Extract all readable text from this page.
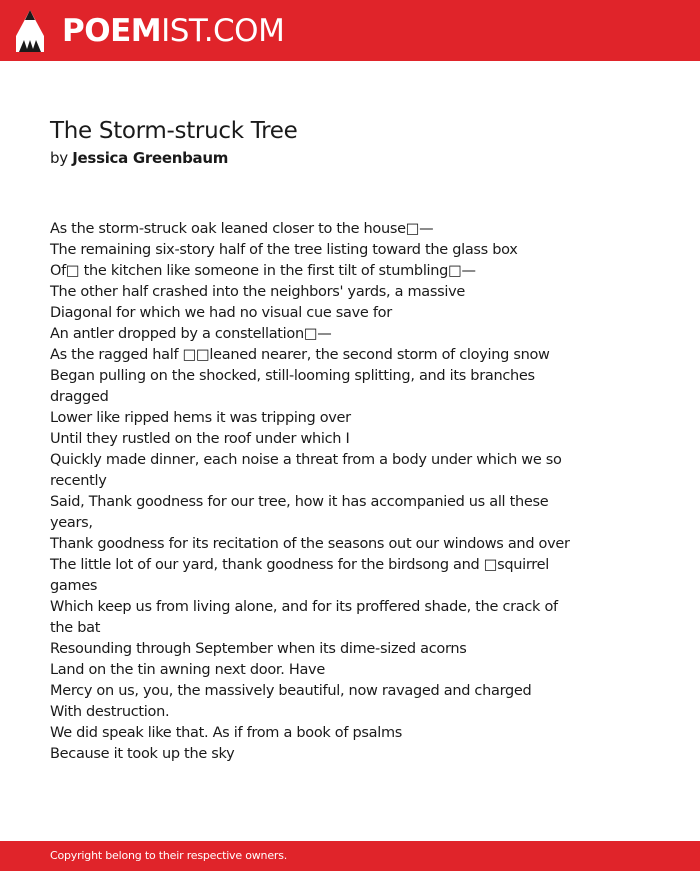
POEMIST.COM
The Storm-struck Tree
by Jessica Greenbaum
As the storm-struck oak leaned closer to the house□—
The remaining six-story half of the tree listing toward the glass box
Of□ the kitchen like someone in the first tilt of stumbling□—
The other half crashed into the neighbors' yards, a massive
Diagonal for which we had no visual cue save for
An antler dropped by a constellation□—
As the ragged half □□leaned nearer, the second storm of cloying snow
Began pulling on the shocked, still-looming splitting, and its branches
dragged
Lower like ripped hems it was tripping over
Until they rustled on the roof under which I
Quickly made dinner, each noise a threat from a body under which we so
recently
Said, Thank goodness for our tree, how it has accompanied us all these
years,
Thank goodness for its recitation of the seasons out our windows and over
The little lot of our yard, thank goodness for the birdsong and □squirrel
games
Which keep us from living alone, and for its proffered shade, the crack of
the bat
Resounding through September when its dime-sized acorns
Land on the tin awning next door. Have
Mercy on us, you, the massively beautiful, now ravaged and charged
With destruction.
We did speak like that. As if from a book of psalms
Because it took up the sky
Copyright belong to their respective owners.
